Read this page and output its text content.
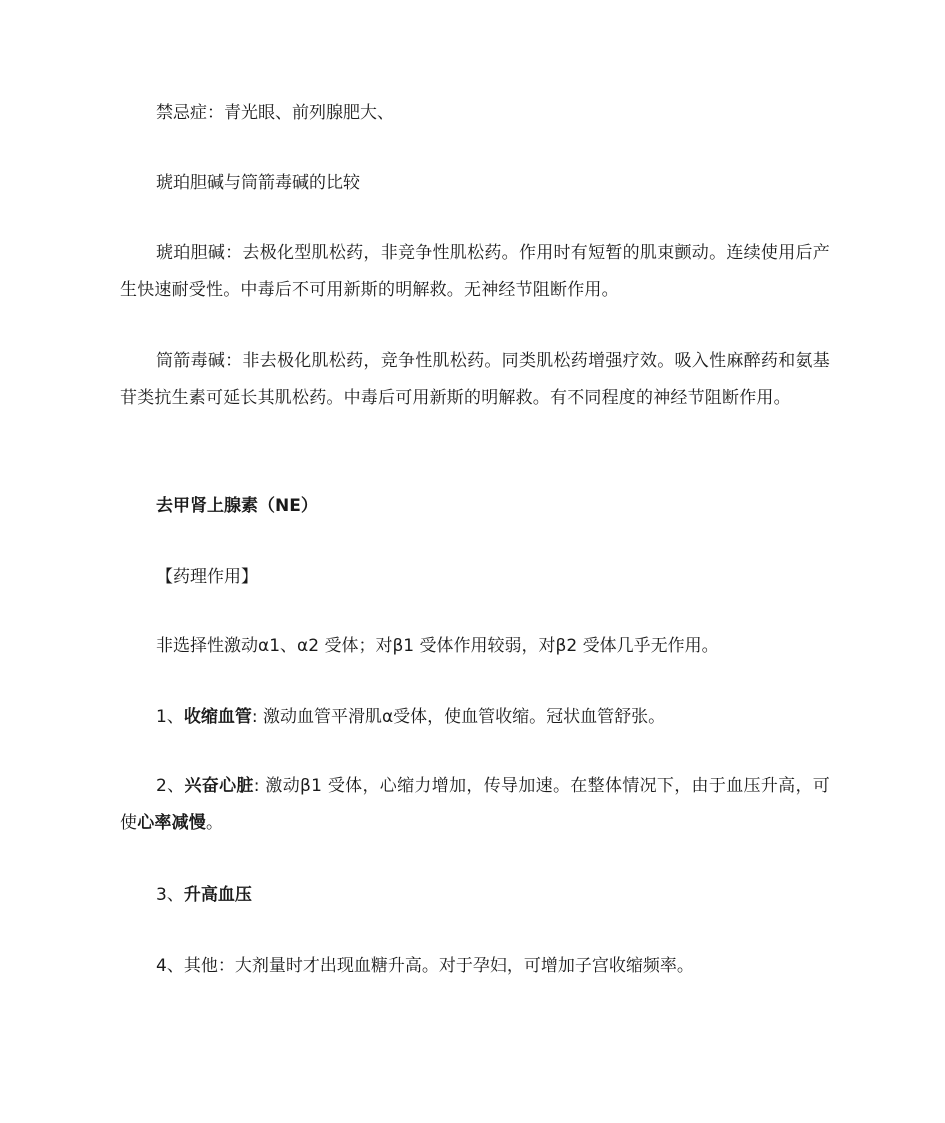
禁忌症：青光眼、前列腺肥大、
琥珀胆碱与筒箭毒碱的比较
琥珀胆碱：去极化型肌松药，非竞争性肌松药。作用时有短暂的肌束颤动。连续使用后产生快速耐受性。中毒后不可用新斯的明解救。无神经节阻断作用。
筒箭毒碱：非去极化肌松药，竞争性肌松药。同类肌松药增强疗效。吸入性麻醉药和氨基苷类抗生素可延长其肌松药。中毒后可用新斯的明解救。有不同程度的神经节阻断作用。
去甲肾上腺素（NE）
【药理作用】
非选择性激动α1、α2 受体；对β1 受体作用较弱，对β2 受体几乎无作用。
1、收缩血管: 激动血管平滑肌α受体，使血管收缩。冠状血管舒张。
2、兴奋心脏: 激动β1 受体，心缩力增加，传导加速。在整体情况下，由于血压升高，可使心率减慢。
3、升高血压
4、其他：大剂量时才出现血糖升高。对于孕妇，可增加子宫收缩频率。
